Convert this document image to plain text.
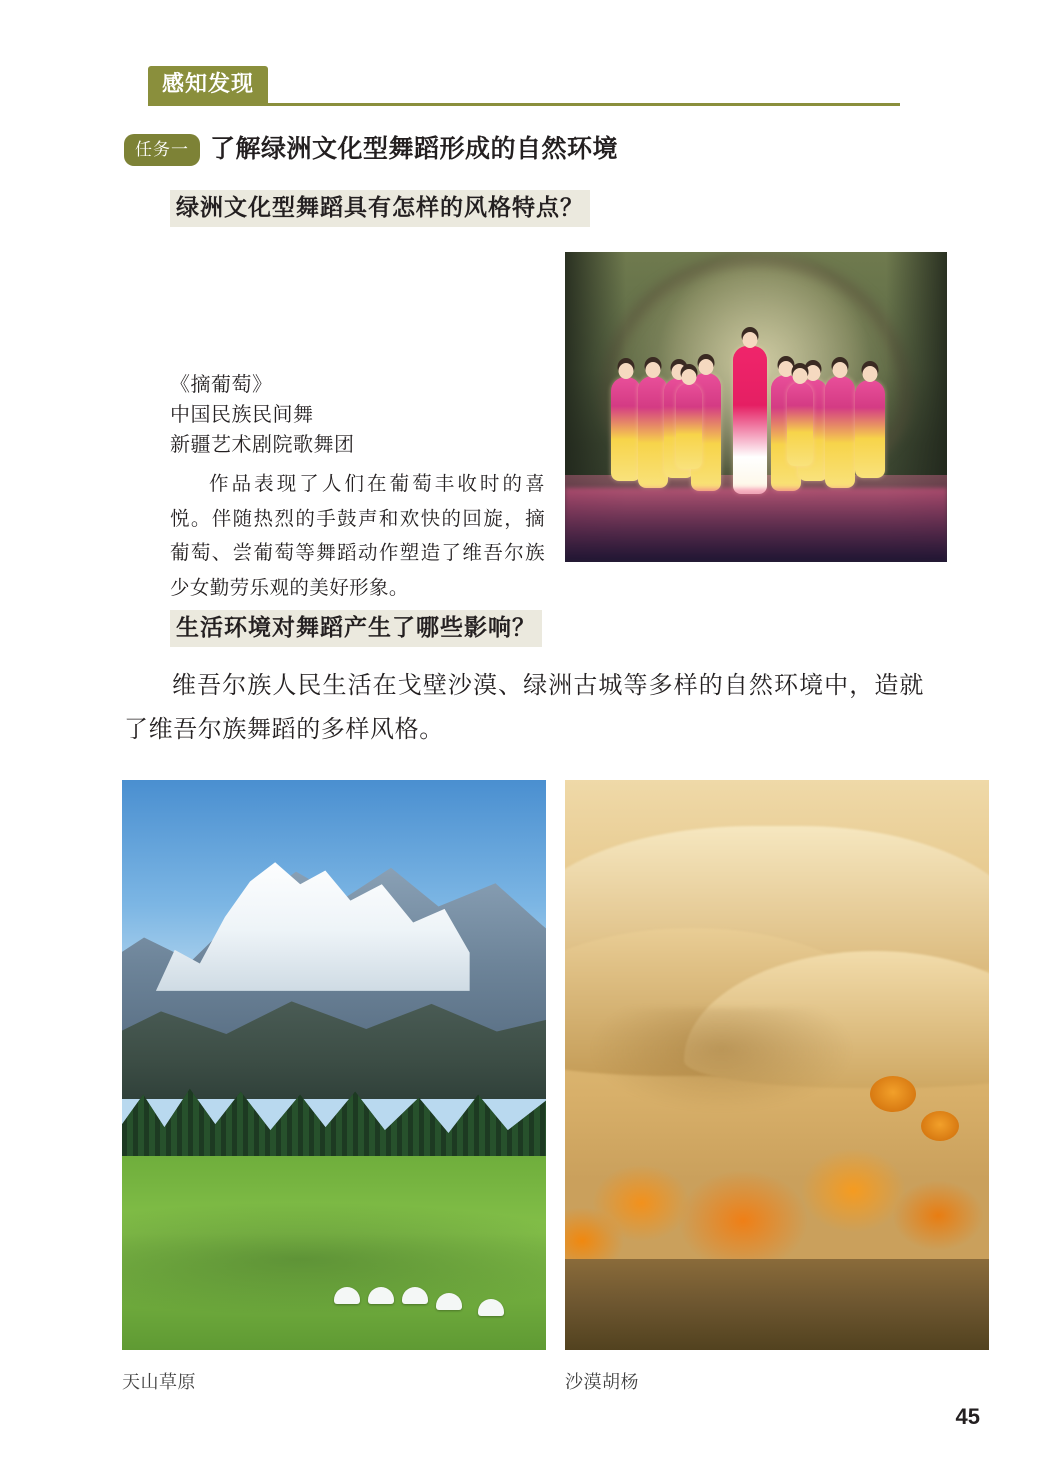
感知发现
任务一 了解绿洲文化型舞蹈形成的自然环境
绿洲文化型舞蹈具有怎样的风格特点？
《摘葡萄》
中国民族民间舞
新疆艺术剧院歌舞团
作品表现了人们在葡萄丰收时的喜悦。伴随热烈的手鼓声和欢快的回旋，摘葡萄、尝葡萄等舞蹈动作塑造了维吾尔族少女勤劳乐观的美好形象。
生活环境对舞蹈产生了哪些影响？
维吾尔族人民生活在戈壁沙漠、绿洲古城等多样的自然环境中，造就了维吾尔族舞蹈的多样风格。
天山草原	沙漠胡杨
45
